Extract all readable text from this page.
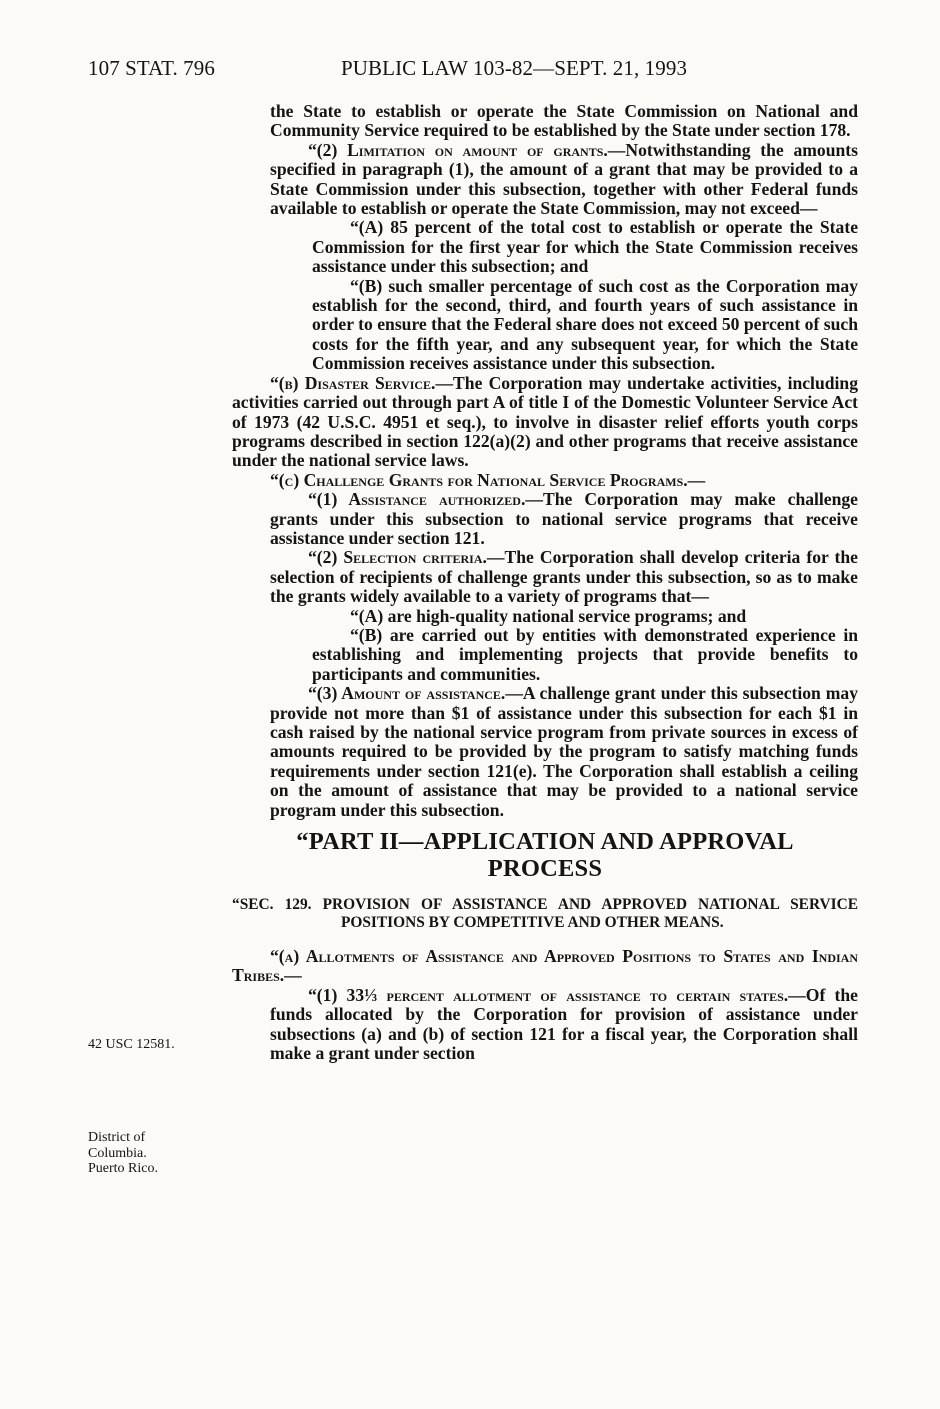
107 STAT. 796	PUBLIC LAW 103-82—SEPT. 21, 1993
42 USC 12581.
District of
Columbia.
Puerto Rico.

the State to establish or operate the State Commission on National and Community Service required to be established by the State under section 178.

“(2) Limitation on amount of grants.—Notwithstanding the amounts specified in paragraph (1), the amount of a grant that may be provided to a State Commission under this subsection, together with other Federal funds available to establish or operate the State Commission, may not exceed—

“(A) 85 percent of the total cost to establish or operate the State Commission for the first year for which the State Commission receives assistance under this subsection; and

“(B) such smaller percentage of such cost as the Corporation may establish for the second, third, and fourth years of such assistance in order to ensure that the Federal share does not exceed 50 percent of such costs for the fifth year, and any subsequent year, for which the State Commission receives assistance under this subsection.

“(b) Disaster Service.—The Corporation may undertake activities, including activities carried out through part A of title I of the Domestic Volunteer Service Act of 1973 (42 U.S.C. 4951 et seq.), to involve in disaster relief efforts youth corps programs described in section 122(a)(2) and other programs that receive assistance under the national service laws.

“(c) Challenge Grants for National Service Programs.—

“(1) Assistance authorized.—The Corporation may make challenge grants under this subsection to national service programs that receive assistance under section 121.

“(2) Selection criteria.—The Corporation shall develop criteria for the selection of recipients of challenge grants under this subsection, so as to make the grants widely available to a variety of programs that—

“(A) are high-quality national service programs; and

“(B) are carried out by entities with demonstrated experience in establishing and implementing projects that provide benefits to participants and communities.

“(3) Amount of assistance.—A challenge grant under this subsection may provide not more than $1 of assistance under this subsection for each $1 in cash raised by the national service program from private sources in excess of amounts required to be provided by the program to satisfy matching funds requirements under section 121(e). The Corporation shall establish a ceiling on the amount of assistance that may be provided to a national service program under this subsection.

“PART II—APPLICATION AND APPROVAL
PROCESS

“SEC. 129. PROVISION OF ASSISTANCE AND APPROVED NATIONAL SERVICE POSITIONS BY COMPETITIVE AND OTHER MEANS.

“(a) Allotments of Assistance and Approved Positions to States and Indian Tribes.—

“(1) 33⅓ percent allotment of assistance to certain states.—Of the funds allocated by the Corporation for provision of assistance under subsections (a) and (b) of section 121 for a fiscal year, the Corporation shall make a grant under section
